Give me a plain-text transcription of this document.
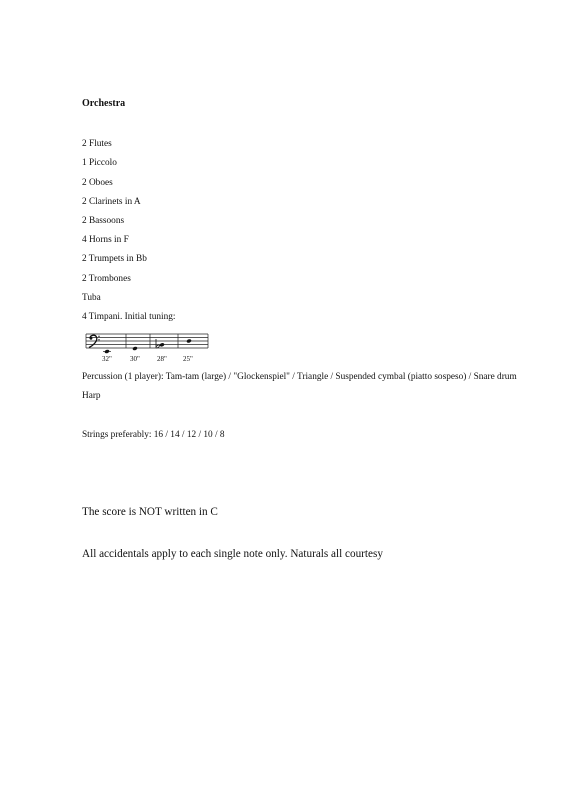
Orchestra
2 Flutes
1 Piccolo
2 Oboes
2 Clarinets in A
2 Bassoons
4 Horns in F
2 Trumpets in Bb
2 Trombones
Tuba
4 Timpani. Initial tuning:
32"	30" 28" 25"
Percussion (1 player): Tam-tam (large) / "Glockenspiel" / Triangle / Suspended cymbal (piatto sospeso) / Snare drum
Harp
Strings preferably: 16 / 14 / 12 / 10 / 8
The score is NOT written in C
All accidentals apply to each single note only. Naturals all courtesy
